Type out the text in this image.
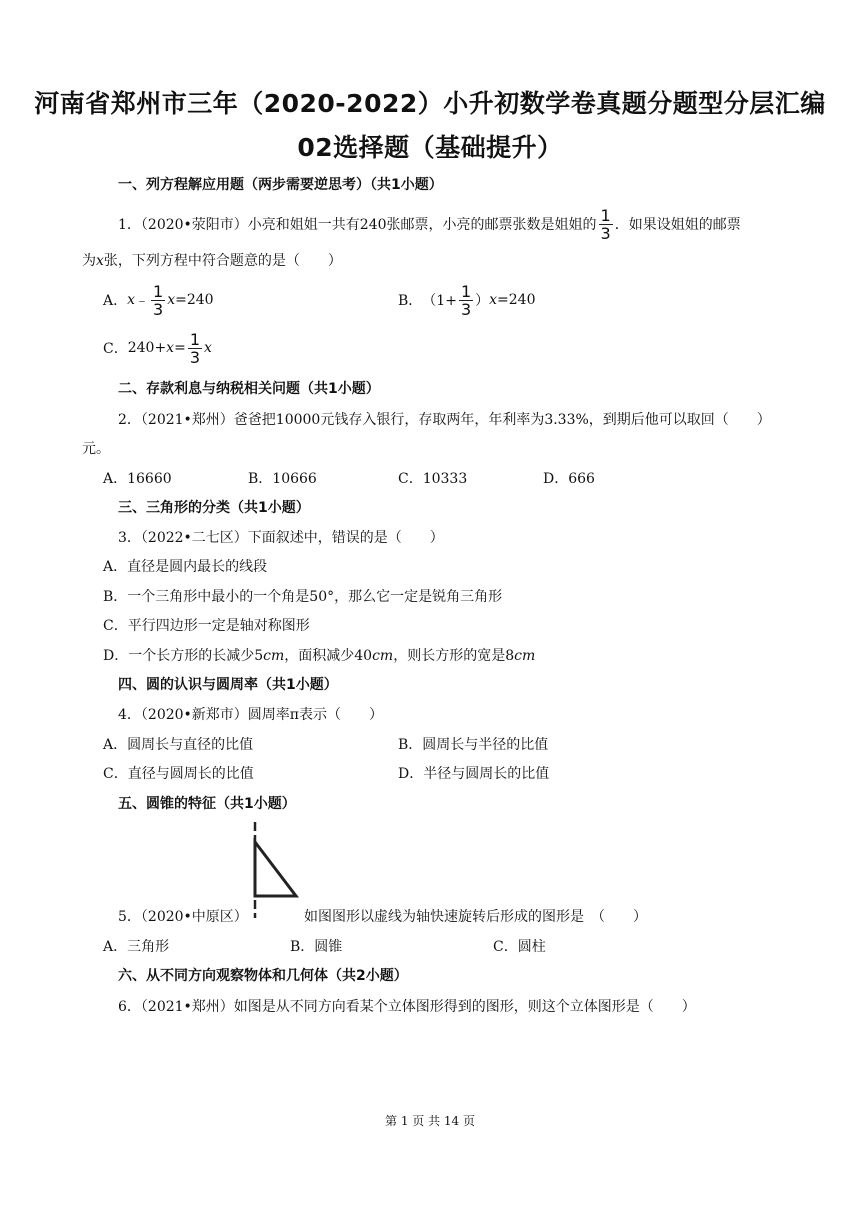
河南省郑州市三年（2020-2022）小升初数学卷真题分题型分层汇编
02选择题（基础提升）
一、列方程解应用题（两步需要逆思考）（共1小题）
1．（2020•荥阳市）小亮和姐姐一共有240张邮票，小亮的邮票张数是姐姐的 $\frac{1}{3}$ ．如果设姐姐的邮票
为x张，下列方程中符合题意的是（　　）
A． x ﹣ $\frac{1}{3}$ x =240	B． （$1+ \frac{1}{3}$ ） x =240
C． $240+ x = \frac{1}{3}$ x
二、存款利息与纳税相关问题（共1小题）
2．（2021•郑州）爸爸把10000元钱存入银行，存取两年，年利率为3.33%，到期后他可以取回（　　）
元。
A．16660	B．10666	C．10333	D．666
三、三角形的分类（共1小题）
3．（2022•二七区）下面叙述中，错误的是（　　）
A．直径是圆内最长的线段
B．一个三角形中最小的一个角是50°，那么它一定是锐角三角形
C．平行四边形一定是轴对称图形
D．一个长方形的长减少5cm，面积减少40cm，则长方形的宽是8cm
四、圆的认识与圆周率（共1小题）
4．（2020•新郑市）圆周率π表示（　　）
A．圆周长与直径的比值	B．圆周长与半径的比值
C．直径与圆周长的比值	D．半径与圆周长的比值
五、圆锥的特征（共1小题）
5．（2020•中原区）	如图图形以虚线为轴快速旋转后形成的图形是　（　　）
A．三角形	B．圆锥	C．圆柱
六、从不同方向观察物体和几何体（共2小题）
6．（2021•郑州）如图是从不同方向看某个立体图形得到的图形，则这个立体图形是（　　）
第 1 页 共 14 页
